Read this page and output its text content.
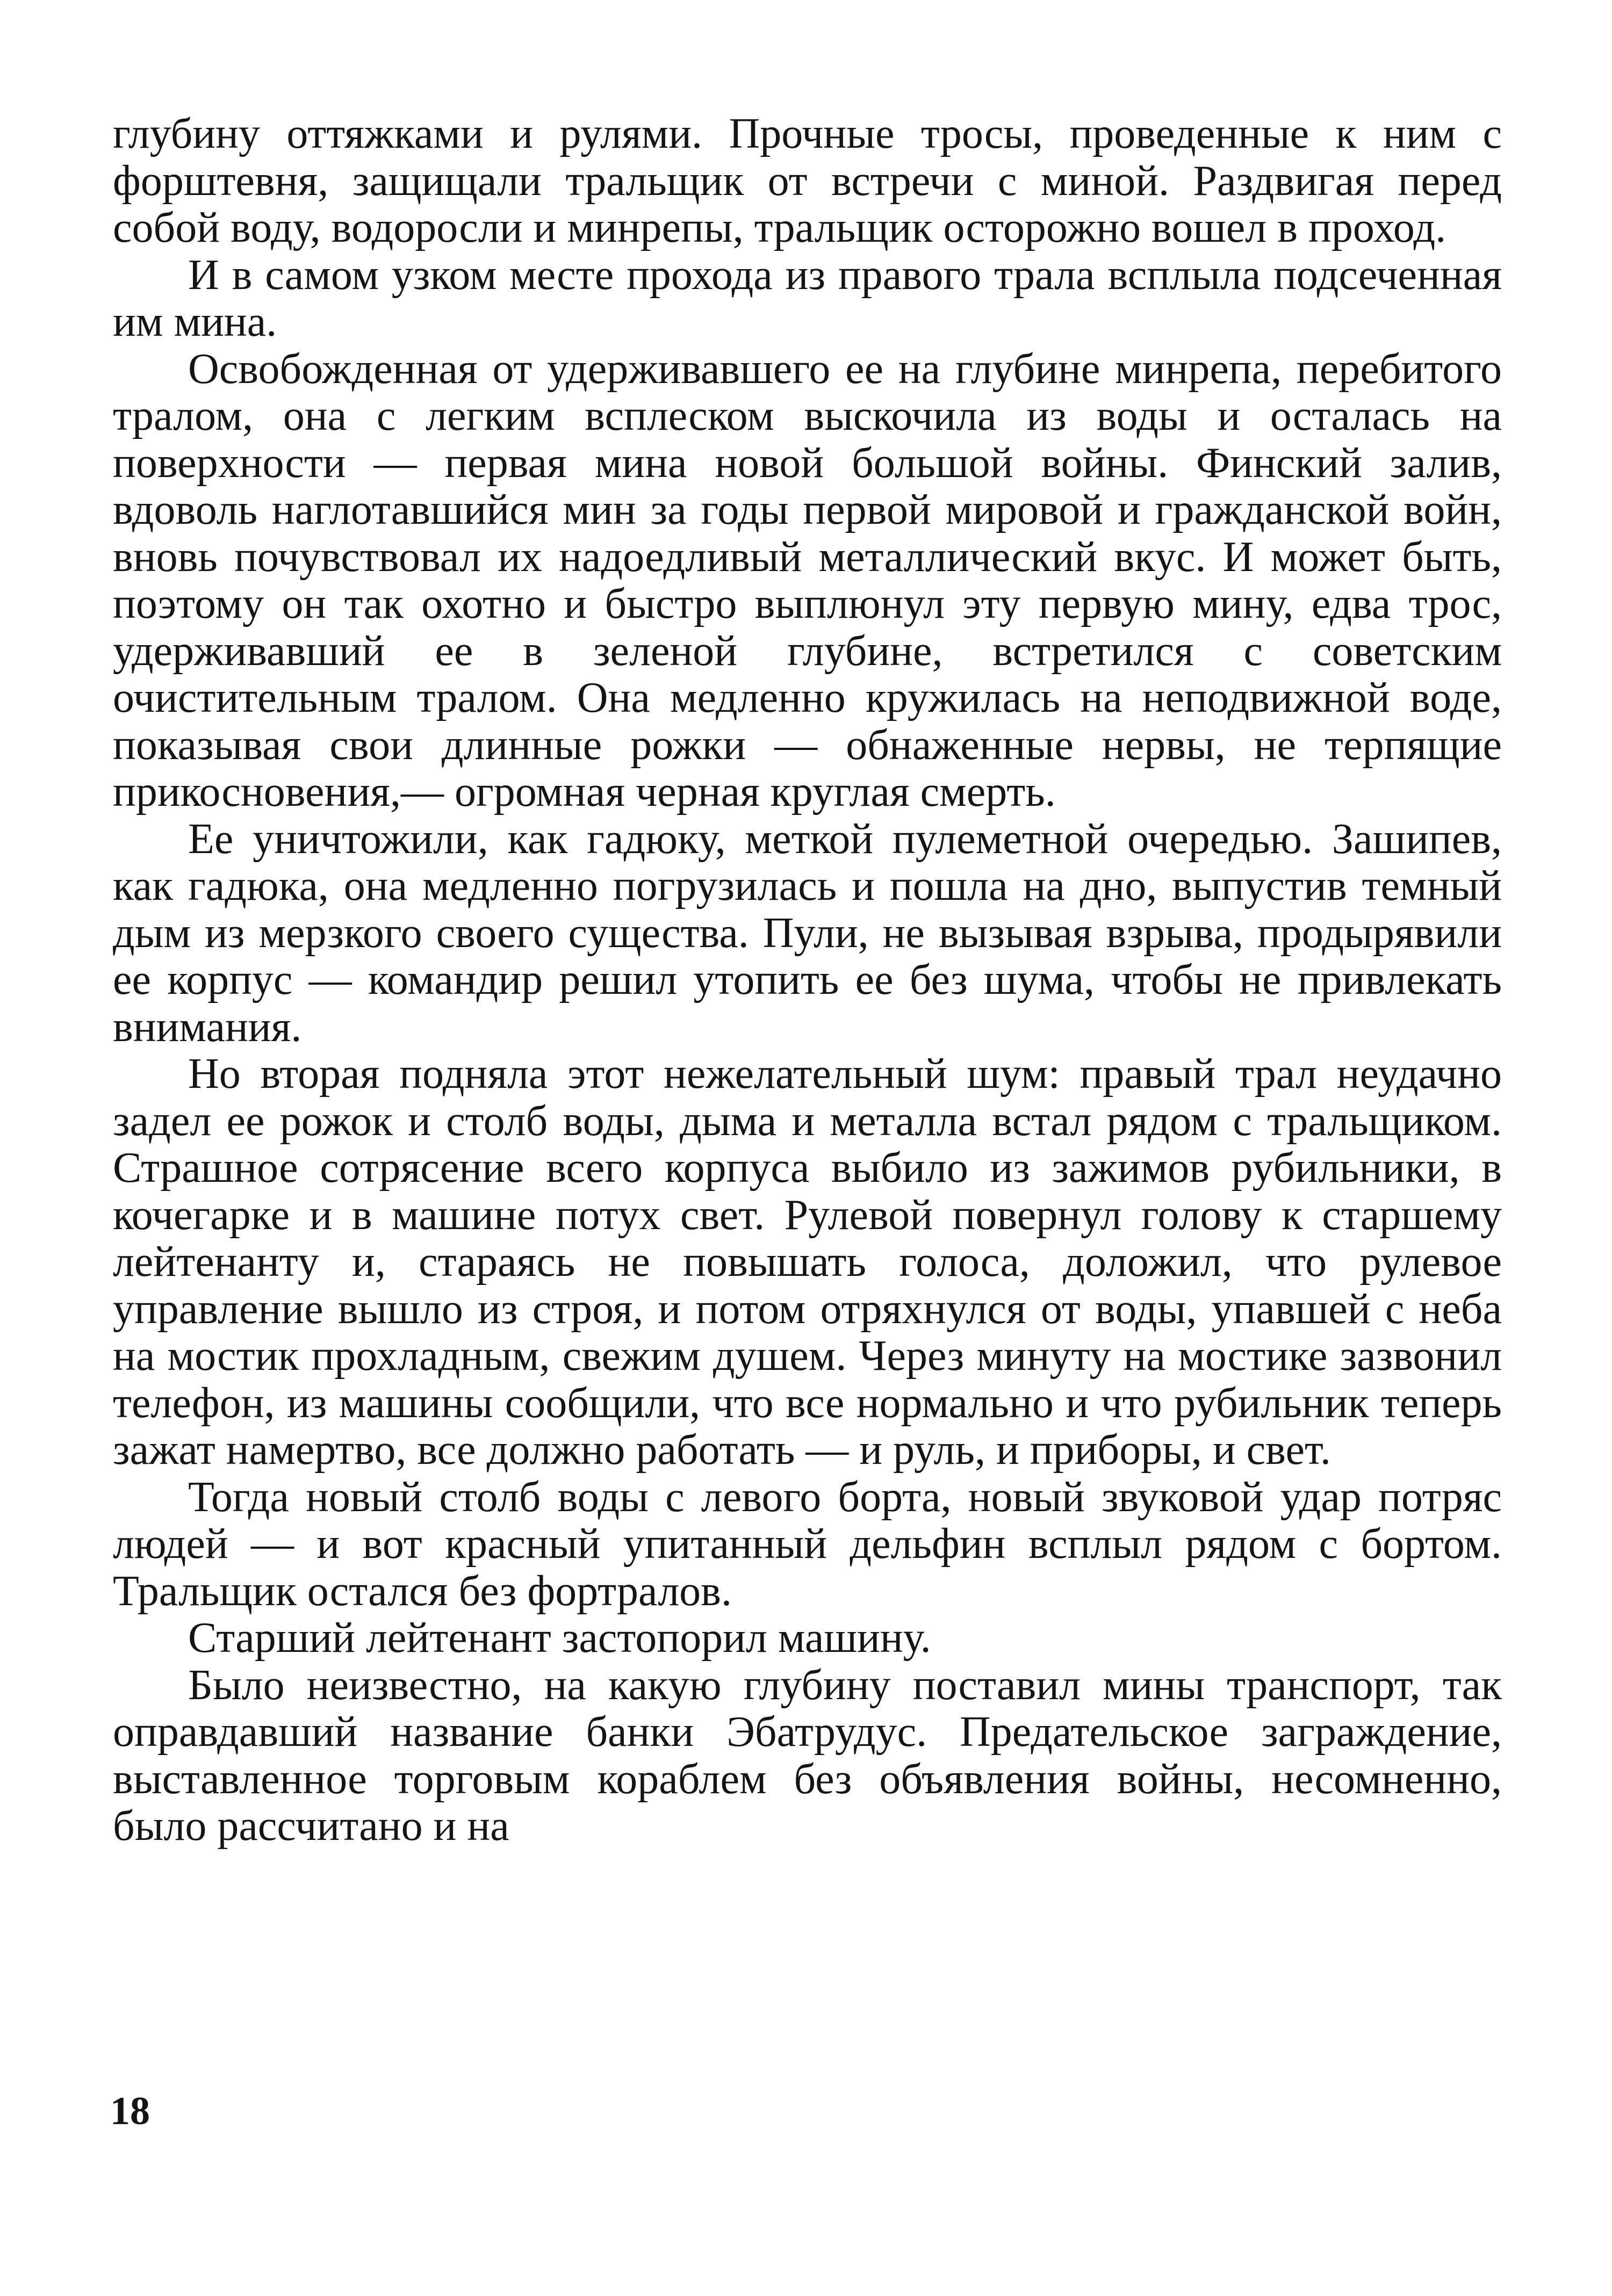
глубину оттяжками и рулями. Прочные тросы, проведенные к ним с форштевня, защищали тральщик от встречи с миной. Раздвигая перед собой воду, водоросли и минрепы, тральщик осторожно вошел в проход.

И в самом узком месте прохода из правого трала всплыла подсеченная им мина.

Освобожденная от удерживавшего ее на глубине минрепа, перебитого тралом, она с легким всплеском выскочила из воды и осталась на поверхности — первая мина новой большой войны. Финский залив, вдоволь наглотавшийся мин за годы первой мировой и гражданской войн, вновь почувствовал их надоедливый металлический вкус. И может быть, поэтому он так охотно и быстро выплюнул эту первую мину, едва трос, удерживавший ее в зеленой глубине, встретился с советским очистительным тралом. Она медленно кружилась на неподвижной воде, показывая свои длинные рожки — обнаженные нервы, не терпящие прикосновения,— огромная черная круглая смерть.

Ее уничтожили, как гадюку, меткой пулеметной очередью. Зашипев, как гадюка, она медленно погрузилась и пошла на дно, выпустив темный дым из мерзкого своего существа. Пули, не вызывая взрыва, продырявили ее корпус — командир решил утопить ее без шума, чтобы не привлекать внимания.

Но вторая подняла этот нежелательный шум: правый трал неудачно задел ее рожок и столб воды, дыма и металла встал рядом с тральщиком. Страшное сотрясение всего корпуса выбило из зажимов рубильники, в кочегарке и в машине потух свет. Рулевой повернул голову к старшему лейтенанту и, стараясь не повышать голоса, доложил, что рулевое управление вышло из строя, и потом отряхнулся от воды, упавшей с неба на мостик прохладным, свежим душем. Через минуту на мостике зазвонил телефон, из машины сообщили, что все нормально и что рубильник теперь зажат намертво, все должно работать — и руль, и приборы, и свет.

Тогда новый столб воды с левого борта, новый звуковой удар потряс людей — и вот красный упитанный дельфин всплыл рядом с бортом. Тральщик остался без фортралов.

Старший лейтенант застопорил машину.

Было неизвестно, на какую глубину поставил мины транспорт, так оправдавший название банки Эбатрудус. Предательское заграждение, выставленное торговым кораблем без объявления войны, несомненно, было рассчитано и на

18
